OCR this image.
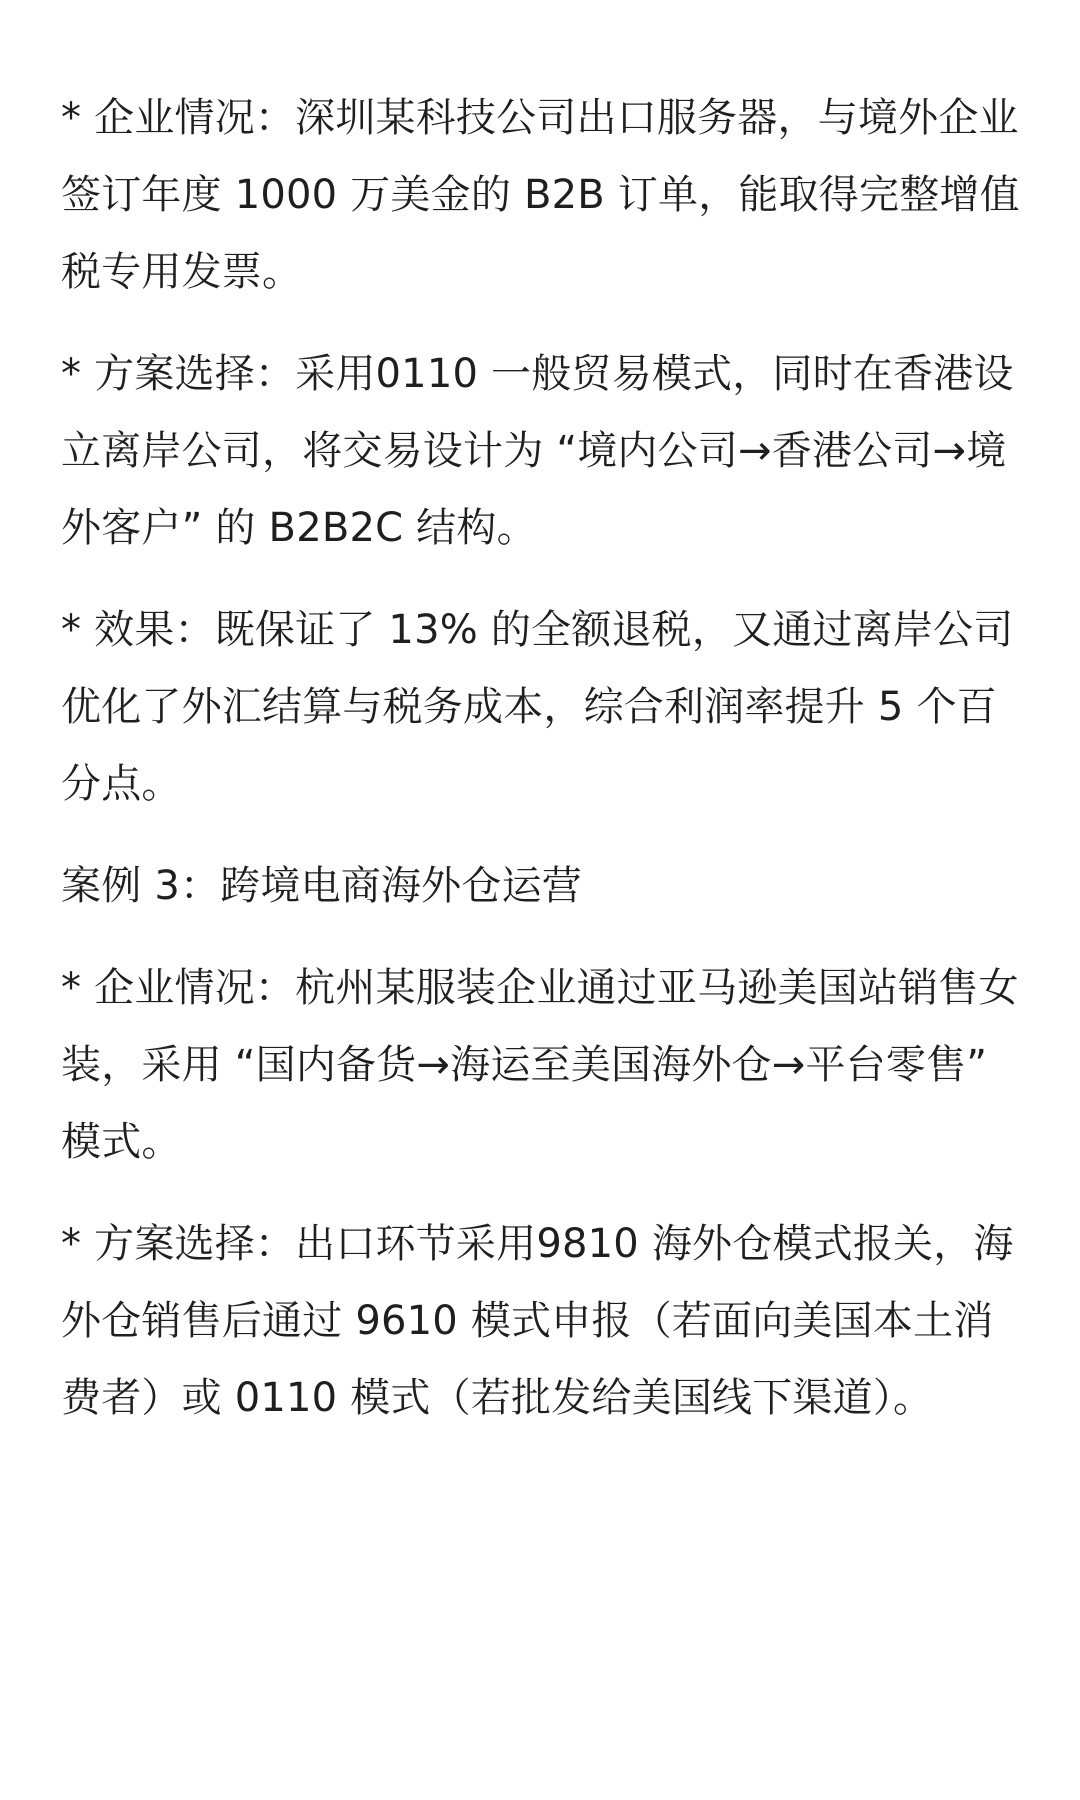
* 企业情况：深圳某科技公司出口服务器，与境外企业签订年度 1000 万美金的 B2B 订单，能取得完整增值税专用发票。

* 方案选择：采用0110 一般贸易模式，同时在香港设立离岸公司，将交易设计为 “境内公司→香港公司→境外客户” 的 B2B2C 结构。

* 效果：既保证了 13% 的全额退税，又通过离岸公司优化了外汇结算与税务成本，综合利润率提升 5 个百分点。

案例 3：跨境电商海外仓运营

* 企业情况：杭州某服装企业通过亚马逊美国站销售女装，采用 “国内备货→海运至美国海外仓→平台零售” 模式。

* 方案选择：出口环节采用9810 海外仓模式报关，海外仓销售后通过 9610 模式申报（若面向美国本土消费者）或 0110 模式（若批发给美国线下渠道）。
